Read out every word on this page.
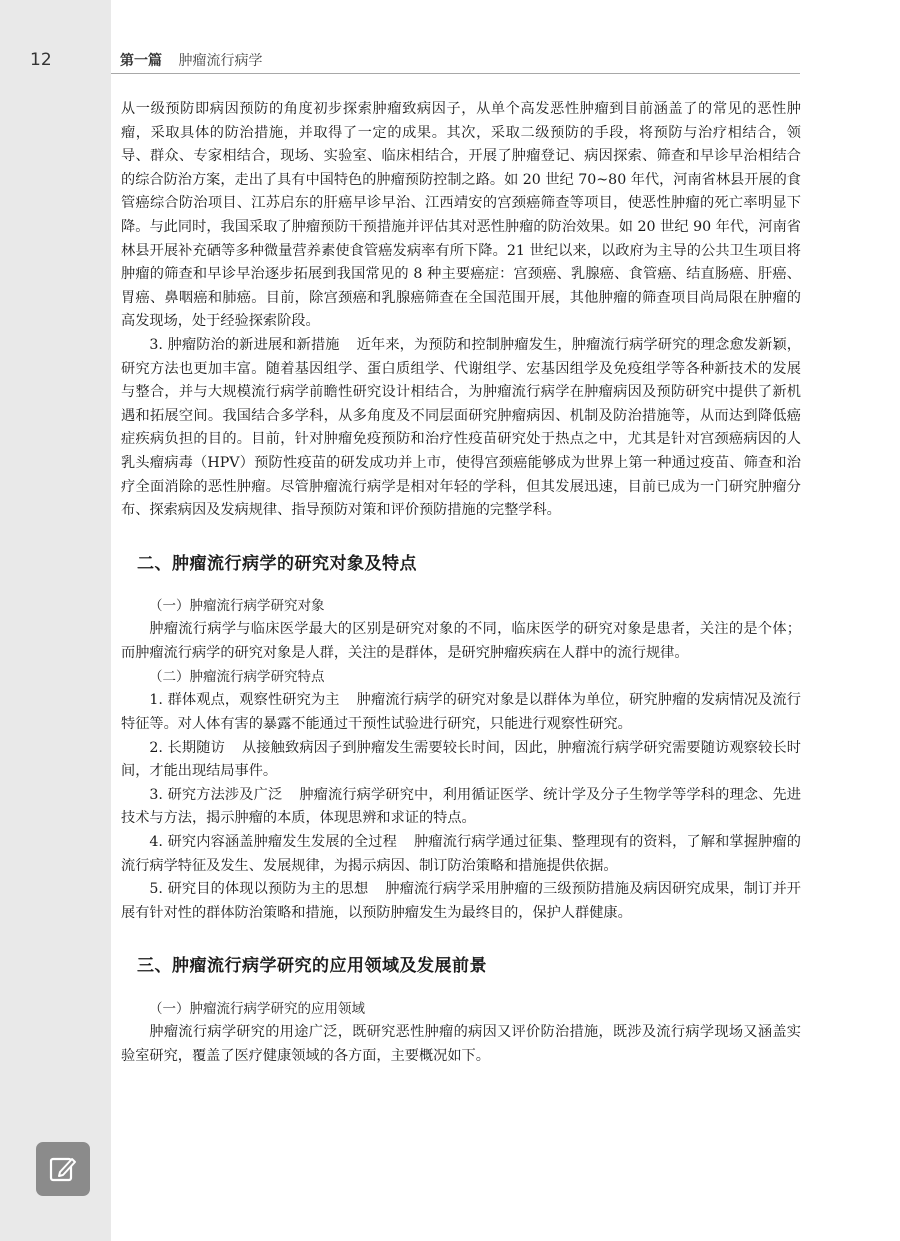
12	第一篇 肿瘤流行病学

从一级预防即病因预防的角度初步探索肿瘤致病因子，从单个高发恶性肿瘤到目前涵盖了的常见的恶性肿瘤，采取具体的防治措施，并取得了一定的成果。其次，采取二级预防的手段，将预防与治疗相结合，领导、群众、专家相结合，现场、实验室、临床相结合，开展了肿瘤登记、病因探索、筛查和早诊早治相结合的综合防治方案，走出了具有中国特色的肿瘤预防控制之路。如 20 世纪 70~80 年代，河南省林县开展的食管癌综合防治项目、江苏启东的肝癌早诊早治、江西靖安的宫颈癌筛查等项目，使恶性肿瘤的死亡率明显下降。与此同时，我国采取了肿瘤预防干预措施并评估其对恶性肿瘤的防治效果。如 20 世纪 90 年代，河南省林县开展补充硒等多种微量营养素使食管癌发病率有所下降。21 世纪以来，以政府为主导的公共卫生项目将肿瘤的筛查和早诊早治逐步拓展到我国常见的 8 种主要癌症：宫颈癌、乳腺癌、食管癌、结直肠癌、肝癌、胃癌、鼻咽癌和肺癌。目前，除宫颈癌和乳腺癌筛查在全国范围开展，其他肿瘤的筛查项目尚局限在肿瘤的高发现场，处于经验探索阶段。

3. 肿瘤防治的新进展和新措施 近年来，为预防和控制肿瘤发生，肿瘤流行病学研究的理念愈发新颖，研究方法也更加丰富。随着基因组学、蛋白质组学、代谢组学、宏基因组学及免疫组学等各种新技术的发展与整合，并与大规模流行病学前瞻性研究设计相结合，为肿瘤流行病学在肿瘤病因及预防研究中提供了新机遇和拓展空间。我国结合多学科，从多角度及不同层面研究肿瘤病因、机制及防治措施等，从而达到降低癌症疾病负担的目的。目前，针对肿瘤免疫预防和治疗性疫苗研究处于热点之中，尤其是针对宫颈癌病因的人乳头瘤病毒（HPV）预防性疫苗的研发成功并上市，使得宫颈癌能够成为世界上第一种通过疫苗、筛查和治疗全面消除的恶性肿瘤。尽管肿瘤流行病学是相对年轻的学科，但其发展迅速，目前已成为一门研究肿瘤分布、探索病因及发病规律、指导预防对策和评价预防措施的完整学科。

二、肿瘤流行病学的研究对象及特点
（一）肿瘤流行病学研究对象

肿瘤流行病学与临床医学最大的区别是研究对象的不同，临床医学的研究对象是患者，关注的是个体；而肿瘤流行病学的研究对象是人群，关注的是群体，是研究肿瘤疾病在人群中的流行规律。

（二）肿瘤流行病学研究特点

1. 群体观点，观察性研究为主 肿瘤流行病学的研究对象是以群体为单位，研究肿瘤的发病情况及流行特征等。对人体有害的暴露不能通过干预性试验进行研究，只能进行观察性研究。

2. 长期随访 从接触致病因子到肿瘤发生需要较长时间，因此，肿瘤流行病学研究需要随访观察较长时间，才能出现结局事件。

3. 研究方法涉及广泛 肿瘤流行病学研究中，利用循证医学、统计学及分子生物学等学科的理念、先进技术与方法，揭示肿瘤的本质，体现思辨和求证的特点。

4. 研究内容涵盖肿瘤发生发展的全过程 肿瘤流行病学通过征集、整理现有的资料，了解和掌握肿瘤的流行病学特征及发生、发展规律，为揭示病因、制订防治策略和措施提供依据。

5. 研究目的体现以预防为主的思想 肿瘤流行病学采用肿瘤的三级预防措施及病因研究成果，制订并开展有针对性的群体防治策略和措施，以预防肿瘤发生为最终目的，保护人群健康。

三、肿瘤流行病学研究的应用领域及发展前景
（一）肿瘤流行病学研究的应用领域

肿瘤流行病学研究的用途广泛，既研究恶性肿瘤的病因又评价防治措施，既涉及流行病学现场又涵盖实验室研究，覆盖了医疗健康领域的各方面，主要概况如下。
